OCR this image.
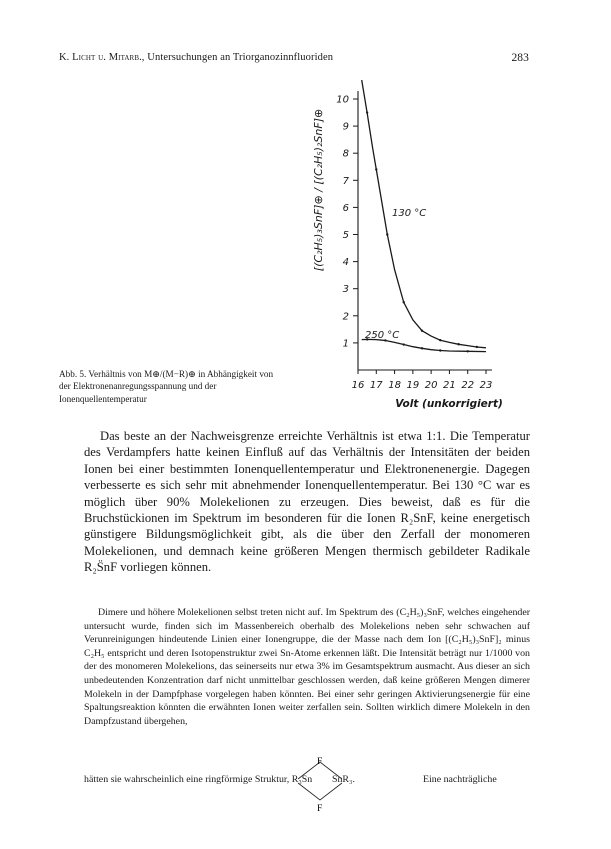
K. Licht u. Mitarb., Untersuchungen an Triorganozinnfluoriden	283
1
2
3
4
5
6
7
8
9
10
16 17 18 19 20 21 22 23
130 °C
250 °C
Volt (unkorrigiert)
[(C₂H₅)₃SnF]⊕ / [(C₂H₅)₂SnF]⊕
Abb. 5. Verhältnis von M⊕/(M−R)⊕ in Abhängigkeit von der Elektronenanregungsspannung und der Ionenquellentemperatur

Das beste an der Nachweisgrenze erreichte Verhältnis ist etwa 1:1. Die Temperatur des Verdampfers hatte keinen Einfluß auf das Verhältnis der Intensitäten der beiden Ionen bei einer bestimmten Ionenquellentemperatur und Elektronenenergie. Dagegen verbesserte es sich sehr mit abnehmender Ionenquellentemperatur. Bei 130 °C war es möglich über 90% Molekelionen zu erzeugen. Dies beweist, daß es für die Bruchstückionen im Spektrum im besonderen für die Ionen R₂SnF, keine energetisch günstigere Bildungsmöglichkeit gibt, als die über den Zerfall der monomeren Molekelionen, und demnach keine größeren Mengen thermisch gebildeter Radikale R₂S̈nF vorliegen können.

Dimere und höhere Molekelionen selbst treten nicht auf. Im Spektrum des (C₂H₅)₃SnF, welches eingehender untersucht wurde, finden sich im Massenbereich oberhalb des Molekelions neben sehr schwachen auf Verunreinigungen hindeutende Linien einer Ionengruppe, die der Masse nach dem Ion [(C₂H₅)₃SnF]₂ minus C₂H₅ entspricht und deren Isotopenstruktur zwei Sn-Atome erkennen läßt. Die Intensität beträgt nur 1/1000 von der des monomeren Molekelions, das seinerseits nur etwa 3% im Gesamtspektrum ausmacht. Aus dieser an sich unbedeutenden Konzentration darf nicht unmittelbar geschlossen werden, daß keine größeren Mengen dimerer Molekeln in der Dampfphase vorgelegen haben könnten. Bei einer sehr geringen Aktivierungsenergie für eine Spaltungsreaktion könnten die erwähnten Ionen weiter zerfallen sein. Sollten wirklich dimere Molekeln in den Dampfzustand übergehen,

hätten sie wahrscheinlich eine ringförmige Struktur, R₃Sn
F
F
SnR₃.	Eine nachträgliche
